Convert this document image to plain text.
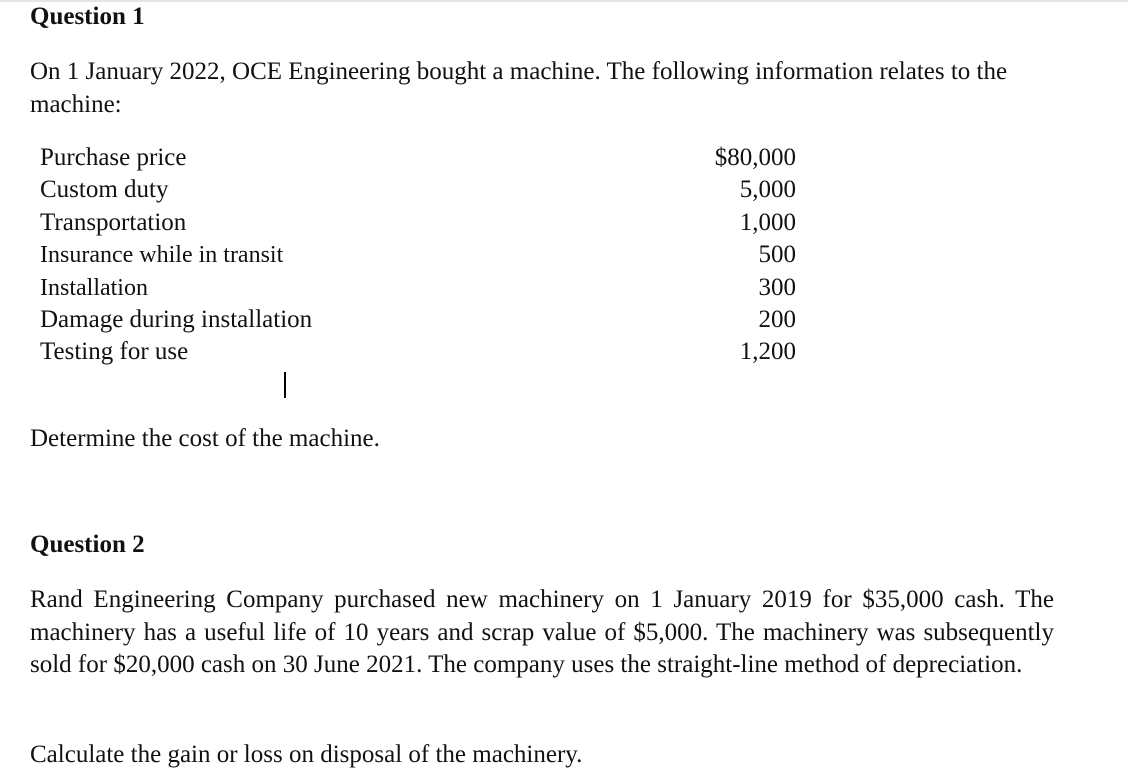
Question 1

On 1 January 2022, OCE Engineering bought a machine. The following information relates to the machine:

Purchase price	$80,000
Custom duty	5,000
Transportation	1,000
Insurance while in transit	500
Installation	300
Damage during installation	200
Testing for use	1,200

Determine the cost of the machine.

Question 2

Rand Engineering Company purchased new machinery on 1 January 2019 for $35,000 cash. The machinery has a useful life of 10 years and scrap value of $5,000. The machinery was subsequently sold for $20,000 cash on 30 June 2021. The company uses the straight-line method of depreciation.

Calculate the gain or loss on disposal of the machinery.
